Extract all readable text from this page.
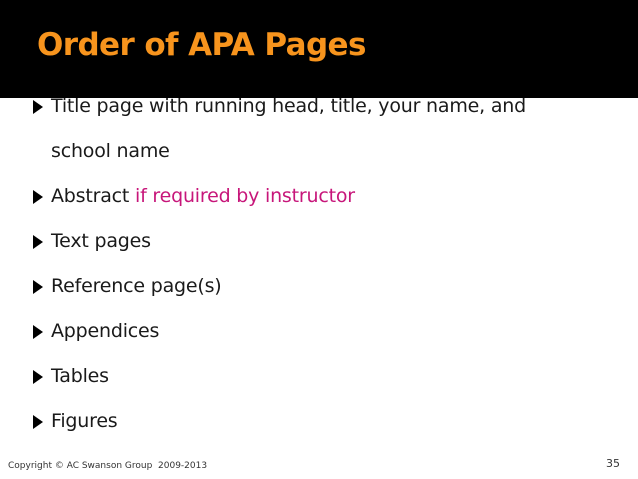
Order of APA Pages
Title page with running head, title, your name, and
school name
Abstract if required by instructor
Text pages
Reference page(s)
Appendices
Tables
Figures
Copyright © AC Swanson Group  2009-2013	35
